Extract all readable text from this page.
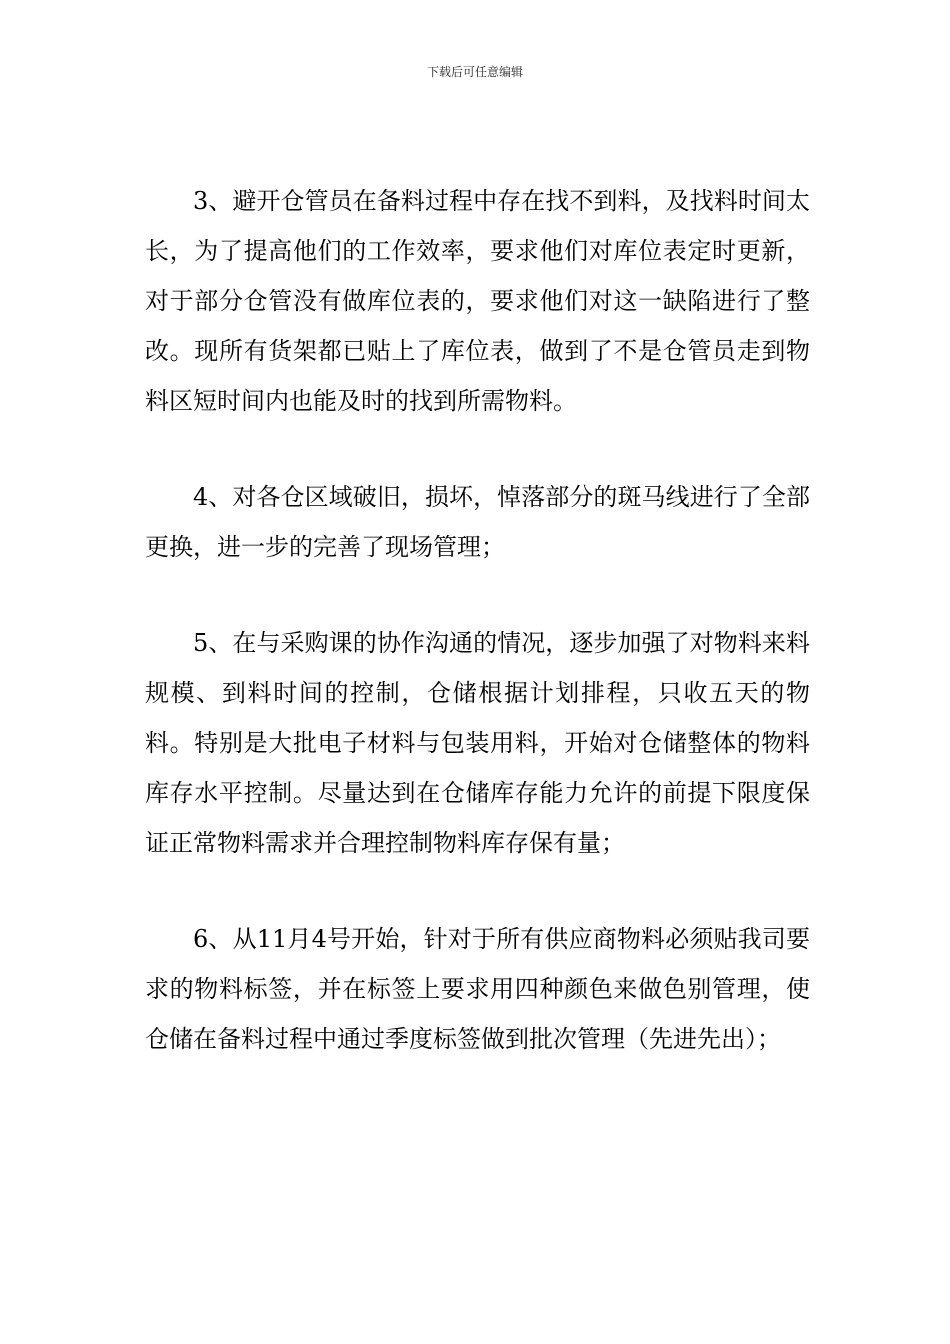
下载后可任意编辑

3、避开仓管员在备料过程中存在找不到料，及找料时间太长，为了提高他们的工作效率，要求他们对库位表定时更新，对于部分仓管没有做库位表的，要求他们对这一缺陷进行了整改。现所有货架都已贴上了库位表，做到了不是仓管员走到物料区短时间内也能及时的找到所需物料。

4、对各仓区域破旧，损坏，悼落部分的斑马线进行了全部更换，进一步的完善了现场管理；

5、在与采购课的协作沟通的情况，逐步加强了对物料来料规模、到料时间的控制，仓储根据计划排程，只收五天的物料。特别是大批电子材料与包装用料，开始对仓储整体的物料库存水平控制。尽量达到在仓储库存能力允许的前提下限度保证正常物料需求并合理控制物料库存保有量；

6、从11月4号开始，针对于所有供应商物料必须贴我司要求的物料标签，并在标签上要求用四种颜色来做色别管理，使仓储在备料过程中通过季度标签做到批次管理（先进先出）；
